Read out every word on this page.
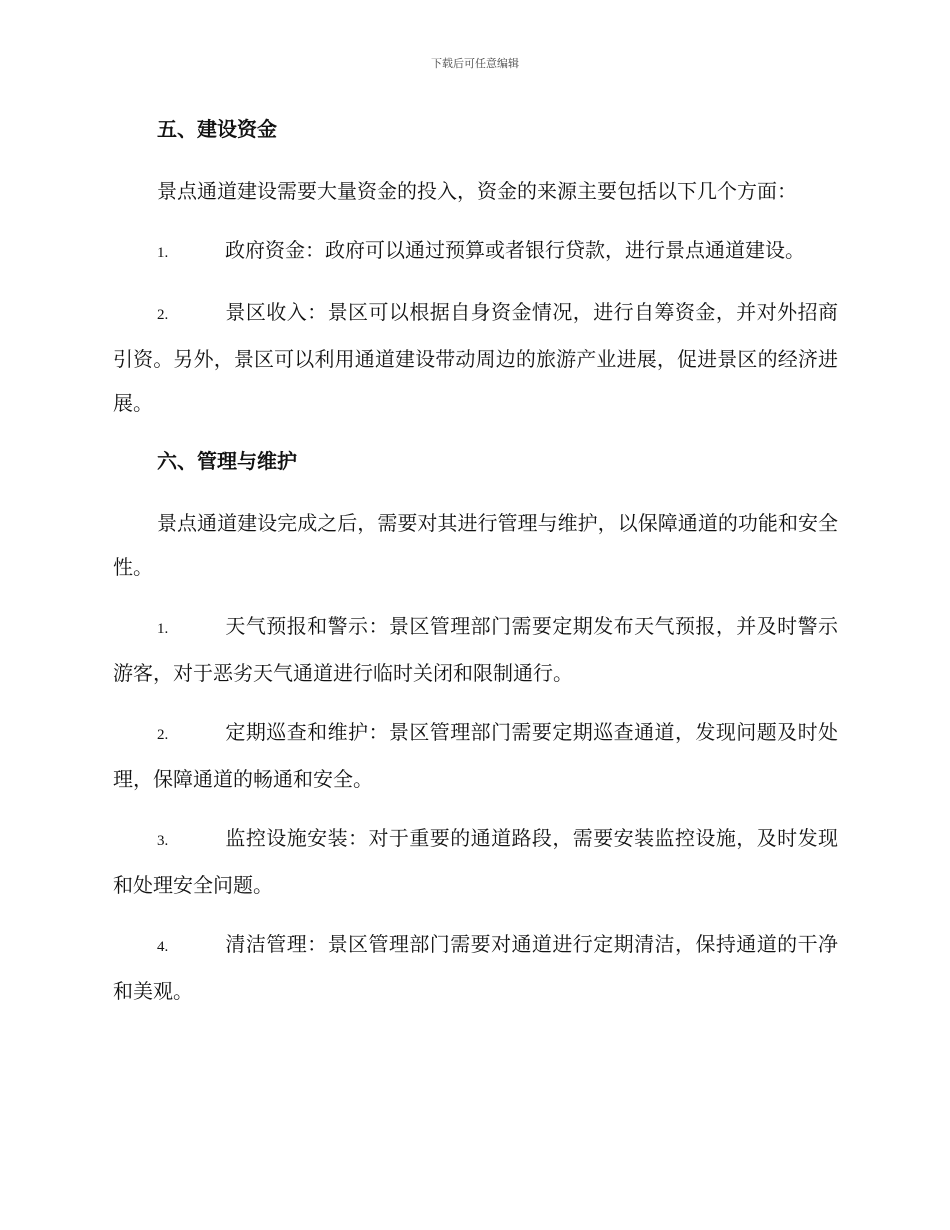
下载后可任意编辑
五、建设资金

景点通道建设需要大量资金的投入，资金的来源主要包括以下几个方面：

1.	政府资金：政府可以通过预算或者银行贷款，进行景点通道建设。

2.	景区收入：景区可以根据自身资金情况，进行自筹资金，并对外招商引资。另外，景区可以利用通道建设带动周边的旅游产业进展，促进景区的经济进展。

六、管理与维护

景点通道建设完成之后，需要对其进行管理与维护，以保障通道的功能和安全性。

1.	天气预报和警示：景区管理部门需要定期发布天气预报，并及时警示游客，对于恶劣天气通道进行临时关闭和限制通行。

2.	定期巡查和维护：景区管理部门需要定期巡查通道，发现问题及时处理，保障通道的畅通和安全。

3.	监控设施安装：对于重要的通道路段，需要安装监控设施，及时发现和处理安全问题。

4.	清洁管理：景区管理部门需要对通道进行定期清洁，保持通道的干净和美观。
